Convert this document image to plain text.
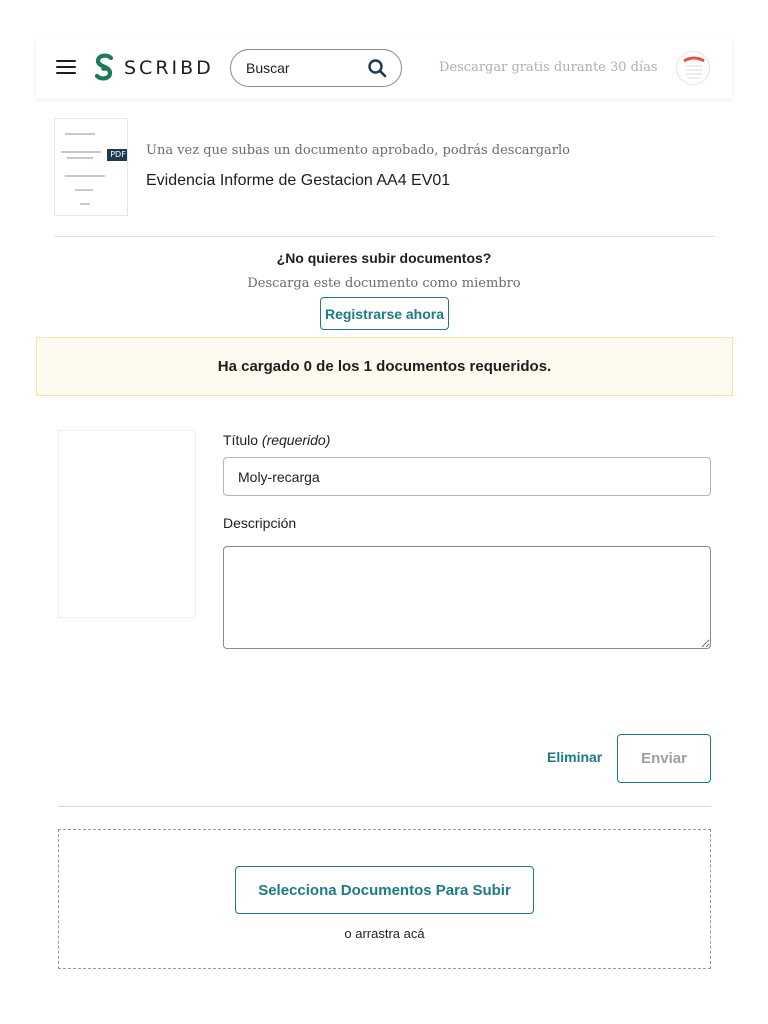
SCRIBD
Buscar	Descargar gratis durante 30 días
PDF Una vez que subas un documento aprobado, podrás descargarlo
Evidencia Informe de Gestacion AA4 EV01
¿No quieres subir documentos?
Descarga este documento como miembro
Registrarse ahora
Ha cargado 0 de los 1 documentos requeridos.
Título (requerido)
Moly-recarga
Descripción
Eliminar	Enviar
Selecciona Documentos Para Subir
o arrastra acá
